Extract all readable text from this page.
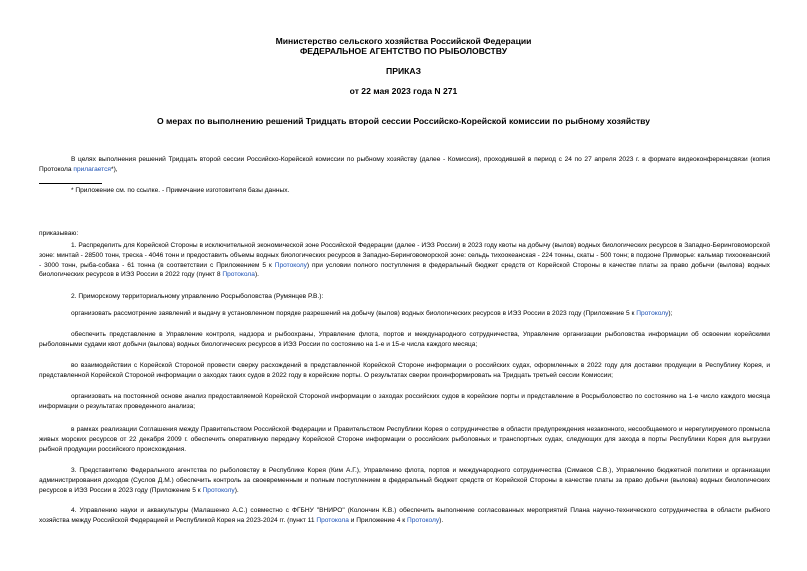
Министерство сельского хозяйства Российской Федерации
ФЕДЕРАЛЬНОЕ АГЕНТСТВО ПО РЫБОЛОВСТВУ
ПРИКАЗ
от 22 мая 2023 года N 271
О мерах по выполнению решений Тридцать второй сессии Российско-Корейской комиссии по рыбному хозяйству

В целях выполнения решений Тридцать второй сессии Российско-Корейской комиссии по рыбному хозяйству (далее - Комиссия), проходившей в период с 24 по 27 апреля 2023 г. в формате видеоконференцсвязи (копия Протокола прилагается*),

* Приложение см. по ссылке. - Примечание изготовителя базы данных.

приказываю:

1. Распределить для Корейской Стороны в исключительной экономической зоне Российской Федерации (далее - ИЭЗ России) в 2023 году квоты на добычу (вылов) водных биологических ресурсов в Западно-Беринговоморской зоне: минтай - 28500 тонн, треска - 4046 тонн и предоставить объемы водных биологических ресурсов в Западно-Беринговоморской зоне: сельдь тихоокеанская - 224 тонны, скаты - 500 тонн; в подзоне Приморье: кальмар тихоокеанский - 3000 тонн, рыба-собака - 61 тонна (в соответствии с Приложением 5 к Протоколу) при условии полного поступления в федеральный бюджет средств от Корейской Стороны в качестве платы за право добычи (вылова) водных биологических ресурсов в ИЭЗ России в 2022 году (пункт 8 Протокола).

2. Приморскому территориальному управлению Росрыболовства (Румянцев Р.В.):

организовать рассмотрение заявлений и выдачу в установленном порядке разрешений на добычу (вылов) водных биологических ресурсов в ИЭЗ России в 2023 году (Приложение 5 к Протоколу);

обеспечить представление в Управление контроля, надзора и рыбоохраны, Управление флота, портов и международного сотрудничества, Управление организации рыболовства информации об освоении корейскими рыболовными судами квот добычи (вылова) водных биологических ресурсов в ИЭЗ России по состоянию на 1-е и 15-е числа каждого месяца;

во взаимодействии с Корейской Стороной провести сверку расхождений в представленной Корейской Стороне информации о российских судах, оформленных в 2022 году для доставки продукции в Республику Корея, и представленной Корейской Стороной информации о заходах таких судов в 2022 году в корейские порты. О результатах сверки проинформировать на Тридцать третьей сессии Комиссии;

организовать на постоянной основе анализ предоставляемой Корейской Стороной информации о заходах российских судов в корейские порты и представление в Росрыболовство по состоянию на 1-е число каждого месяца информации о результатах проведенного анализа;

в рамках реализации Соглашения между Правительством Российской Федерации и Правительством Республики Корея о сотрудничестве в области предупреждения незаконного, несообщаемого и нерегулируемого промысла живых морских ресурсов от 22 декабря 2009 г. обеспечить оперативную передачу Корейской Стороне информации о российских рыболовных и транспортных судах, следующих для захода в порты Республики Корея для выгрузки рыбной продукции российского происхождения.

3. Представителю Федерального агентства по рыболовству в Республике Корея (Ким А.Г.), Управлению флота, портов и международного сотрудничества (Симаков С.В.), Управлению бюджетной политики и организации администрирования доходов (Суслов Д.М.) обеспечить контроль за своевременным и полным поступлением в федеральный бюджет средств от Корейской Стороны в качестве платы за право добычи (вылова) водных биологических ресурсов в ИЭЗ России в 2023 году (Приложение 5 к Протоколу).

4. Управлению науки и аквакультуры (Малашенко А.С.) совместно с ФГБНУ "ВНИРО" (Колончин К.В.) обеспечить выполнение согласованных мероприятий Плана научно-технического сотрудничества в области рыбного хозяйства между Российской Федерацией и Республикой Корея на 2023-2024 гг. (пункт 11 Протокола и Приложение 4 к Протоколу).
